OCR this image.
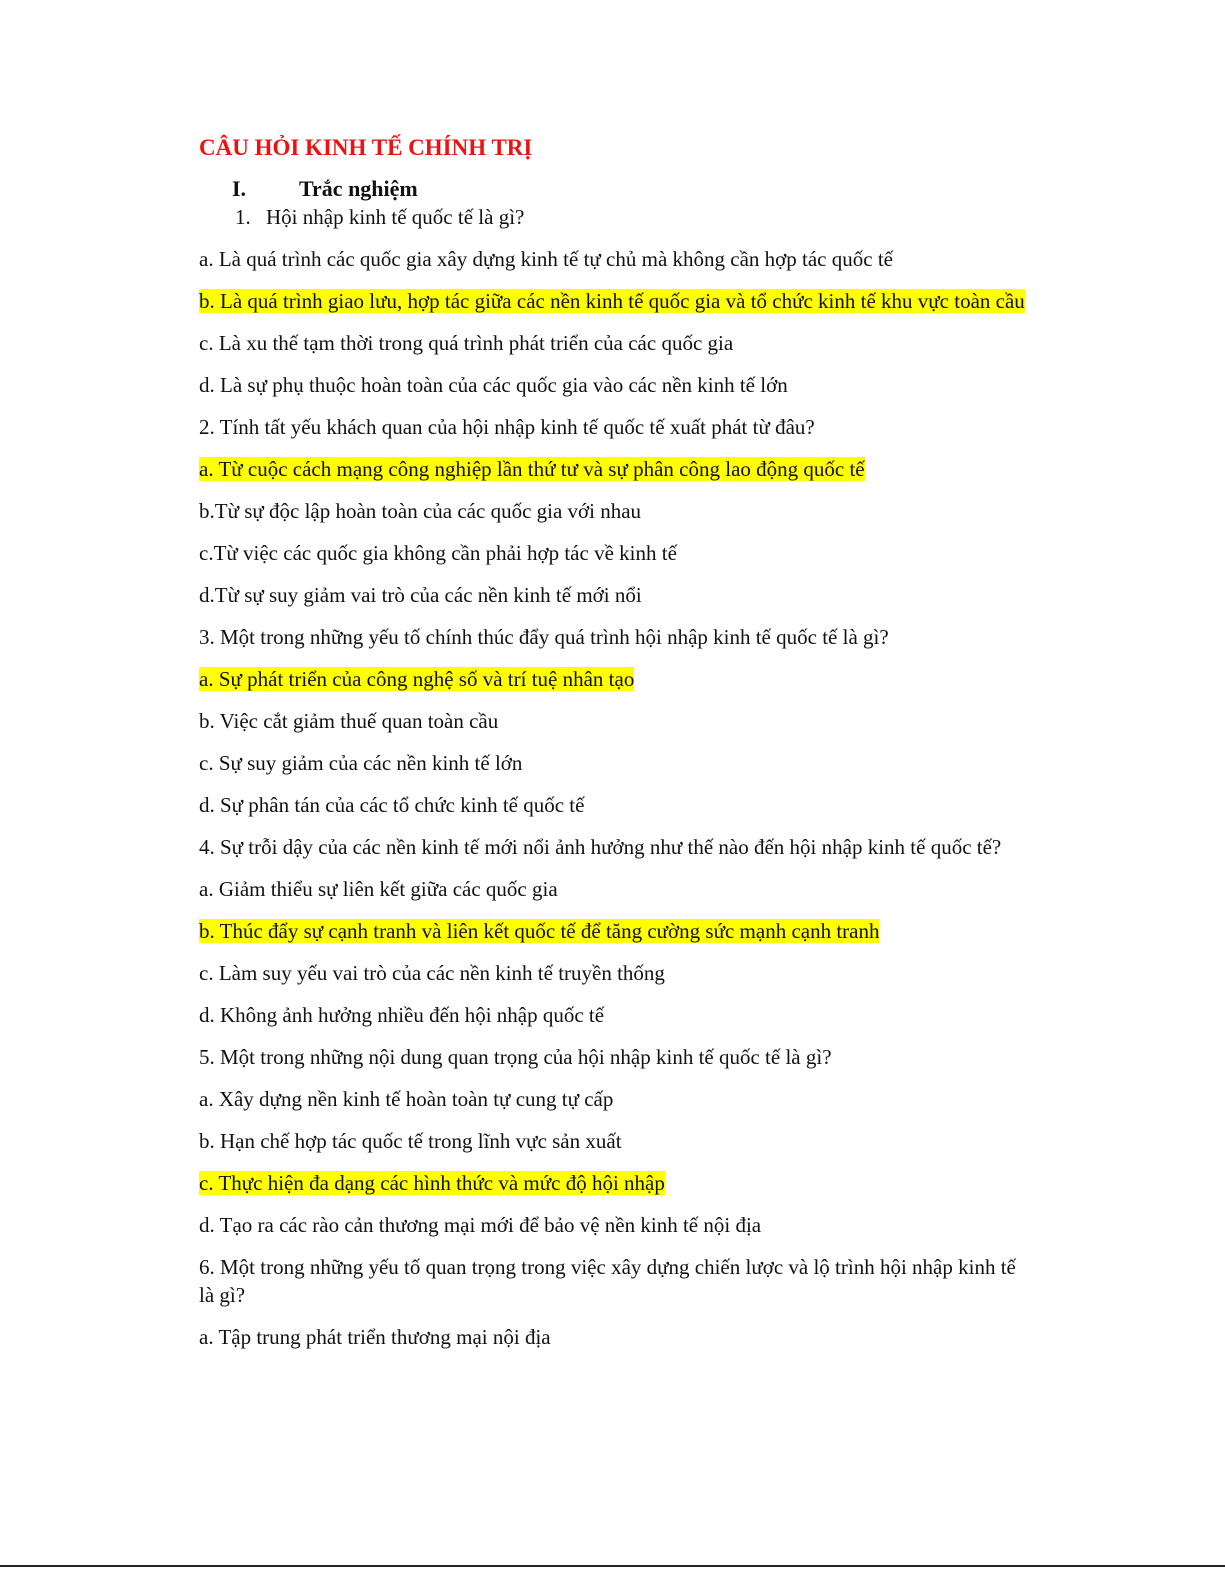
CÂU HỎI KINH TẾ CHÍNH TRỊ
I.	Trắc nghiệm
1. Hội nhập kinh tế quốc tế là gì?

a. Là quá trình các quốc gia xây dựng kinh tế tự chủ mà không cần hợp tác quốc tế

b. Là quá trình giao lưu, hợp tác giữa các nền kinh tế quốc gia và tổ chức kinh tế khu vực toàn cầu

c. Là xu thế tạm thời trong quá trình phát triển của các quốc gia

d. Là sự phụ thuộc hoàn toàn của các quốc gia vào các nền kinh tế lớn

2. Tính tất yếu khách quan của hội nhập kinh tế quốc tế xuất phát từ đâu?

a. Từ cuộc cách mạng công nghiệp lần thứ tư và sự phân công lao động quốc tế

b.Từ sự độc lập hoàn toàn của các quốc gia với nhau

c.Từ việc các quốc gia không cần phải hợp tác về kinh tế

d.Từ sự suy giảm vai trò của các nền kinh tế mới nổi

3. Một trong những yếu tố chính thúc đẩy quá trình hội nhập kinh tế quốc tế là gì?

a. Sự phát triển của công nghệ số và trí tuệ nhân tạo

b. Việc cắt giảm thuế quan toàn cầu

c. Sự suy giảm của các nền kinh tế lớn

d. Sự phân tán của các tổ chức kinh tế quốc tế

4. Sự trỗi dậy của các nền kinh tế mới nổi ảnh hưởng như thế nào đến hội nhập kinh tế quốc tế?

a. Giảm thiểu sự liên kết giữa các quốc gia

b. Thúc đẩy sự cạnh tranh và liên kết quốc tế để tăng cường sức mạnh cạnh tranh

c. Làm suy yếu vai trò của các nền kinh tế truyền thống

d. Không ảnh hưởng nhiều đến hội nhập quốc tế

5. Một trong những nội dung quan trọng của hội nhập kinh tế quốc tế là gì?

a. Xây dựng nền kinh tế hoàn toàn tự cung tự cấp

b. Hạn chế hợp tác quốc tế trong lĩnh vực sản xuất

c. Thực hiện đa dạng các hình thức và mức độ hội nhập

d. Tạo ra các rào cản thương mại mới để bảo vệ nền kinh tế nội địa

6. Một trong những yếu tố quan trọng trong việc xây dựng chiến lược và lộ trình hội nhập kinh tế là gì?

a. Tập trung phát triển thương mại nội địa
